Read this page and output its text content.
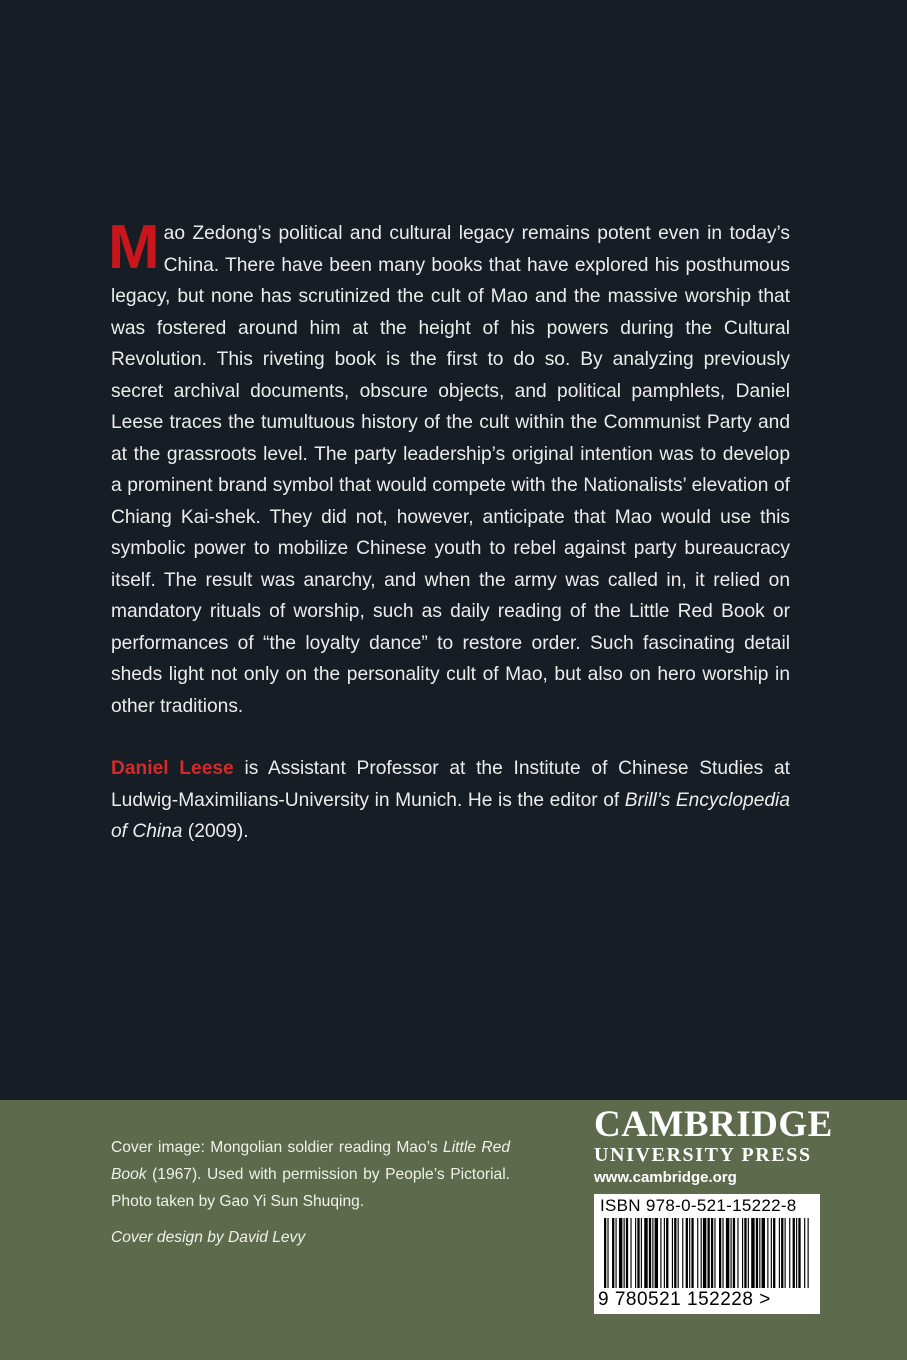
Mao Zedong’s political and cultural legacy remains potent even in today’s China. There have been many books that have explored his posthumous legacy, but none has scrutinized the cult of Mao and the massive worship that was fostered around him at the height of his powers during the Cultural Revolution. This riveting book is the first to do so. By analyzing previously secret archival documents, obscure objects, and political pamphlets, Daniel Leese traces the tumultuous history of the cult within the Communist Party and at the grassroots level. The party leadership’s original intention was to develop a prominent brand symbol that would compete with the Nationalists’ elevation of Chiang Kai-shek. They did not, however, anticipate that Mao would use this symbolic power to mobilize Chinese youth to rebel against party bureaucracy itself. The result was anarchy, and when the army was called in, it relied on mandatory rituals of worship, such as daily reading of the Little Red Book or performances of “the loyalty dance” to restore order. Such fascinating detail sheds light not only on the personality cult of Mao, but also on hero worship in other traditions.
Daniel Leese is Assistant Professor at the Institute of Chinese Studies at Ludwig-Maximilians-University in Munich. He is the editor of Brill’s Encyclopedia of China (2009).

Cover image: Mongolian soldier reading Mao’s Little Red Book (1967). Used with permission by People’s Pictorial. Photo taken by Gao Yi Sun Shuqing.

Cover design by David Levy

CAMBRIDGE
UNIVERSITY PRESS
www.cambridge.org
ISBN 978-0-521-15222-8
9 780521 152228 >
